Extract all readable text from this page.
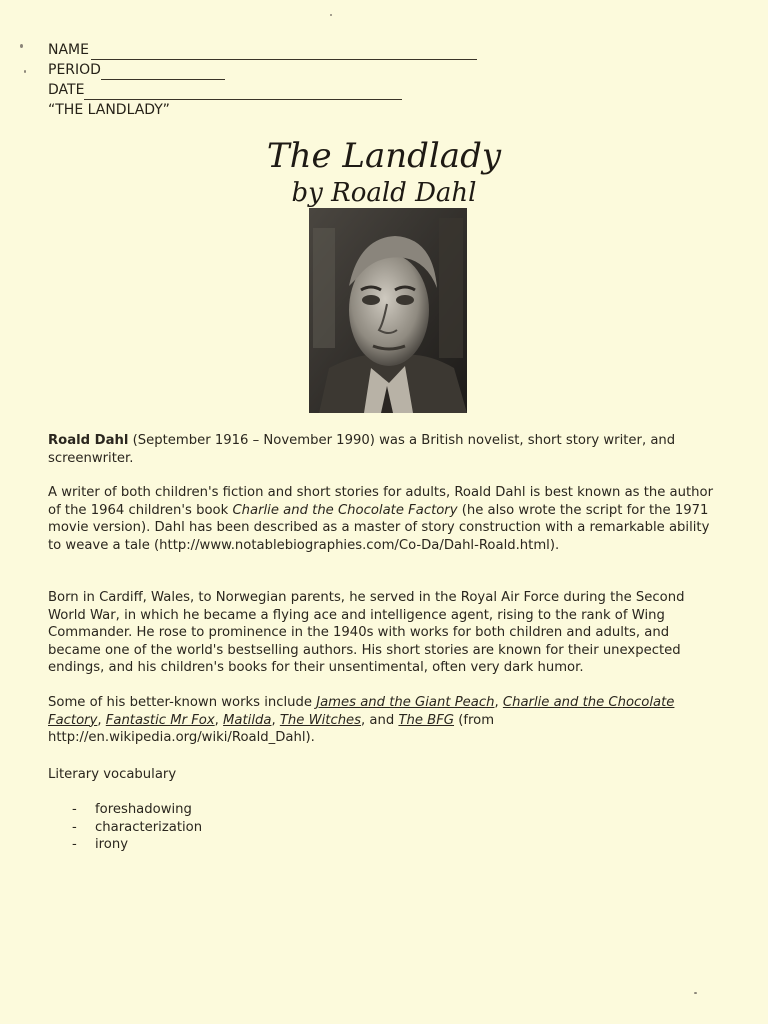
NAME
PERIOD
DATE
“THE LANDLADY”
The Landlady
by Roald Dahl

Roald Dahl (September 1916 – November 1990) was a British novelist, short story writer, and screenwriter.

A writer of both children's fiction and short stories for adults, Roald Dahl is best known as the author of the 1964 children's book Charlie and the Chocolate Factory (he also wrote the script for the 1971 movie version). Dahl has been described as a master of story construction with a remarkable ability to weave a tale (http://www.notablebiographies.com/Co-Da/Dahl-Roald.html).

Born in Cardiff, Wales, to Norwegian parents, he served in the Royal Air Force during the Second World War, in which he became a flying ace and intelligence agent, rising to the rank of Wing Commander. He rose to prominence in the 1940s with works for both children and adults, and became one of the world's bestselling authors. His short stories are known for their unexpected endings, and his children's books for their unsentimental, often very dark humor.

Some of his better-known works include James and the Giant Peach, Charlie and the Chocolate Factory, Fantastic Mr Fox, Matilda, The Witches, and The BFG (from http://en.wikipedia.org/wiki/Roald_Dahl).

Literary vocabulary
-	foreshadowing
-	characterization
-	irony
